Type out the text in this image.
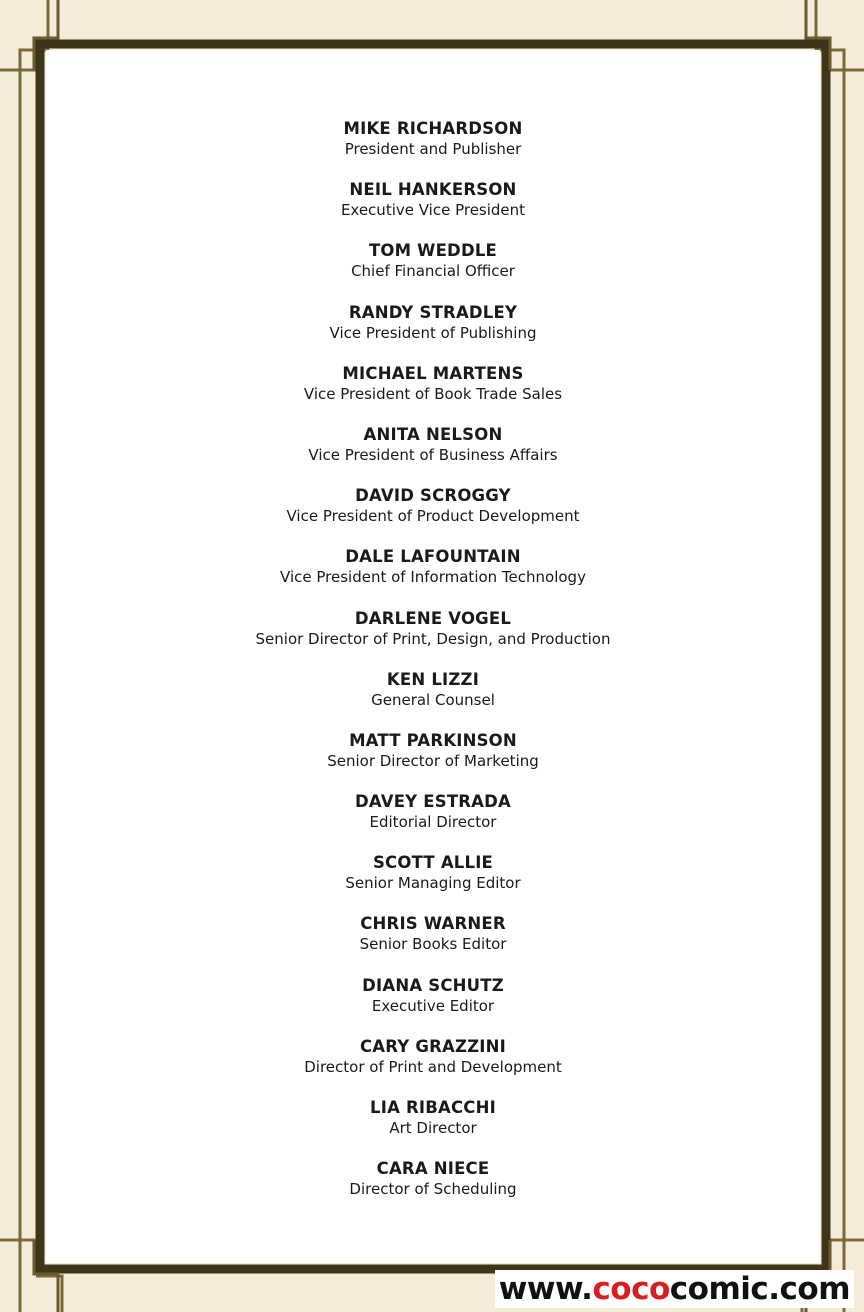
MIKE RICHARDSON
President and Publisher
NEIL HANKERSON
Executive Vice President
TOM WEDDLE
Chief Financial Officer
RANDY STRADLEY
Vice President of Publishing
MICHAEL MARTENS
Vice President of Book Trade Sales
ANITA NELSON
Vice President of Business Affairs
DAVID SCROGGY
Vice President of Product Development
DALE LAFOUNTAIN
Vice President of Information Technology
DARLENE VOGEL
Senior Director of Print, Design, and Production
KEN LIZZI
General Counsel
MATT PARKINSON
Senior Director of Marketing
DAVEY ESTRADA
Editorial Director
SCOTT ALLIE
Senior Managing Editor
CHRIS WARNER
Senior Books Editor
DIANA SCHUTZ
Executive Editor
CARY GRAZZINI
Director of Print and Development
LIA RIBACCHI
Art Director
CARA NIECE
Director of Scheduling
www.cococomic.com
